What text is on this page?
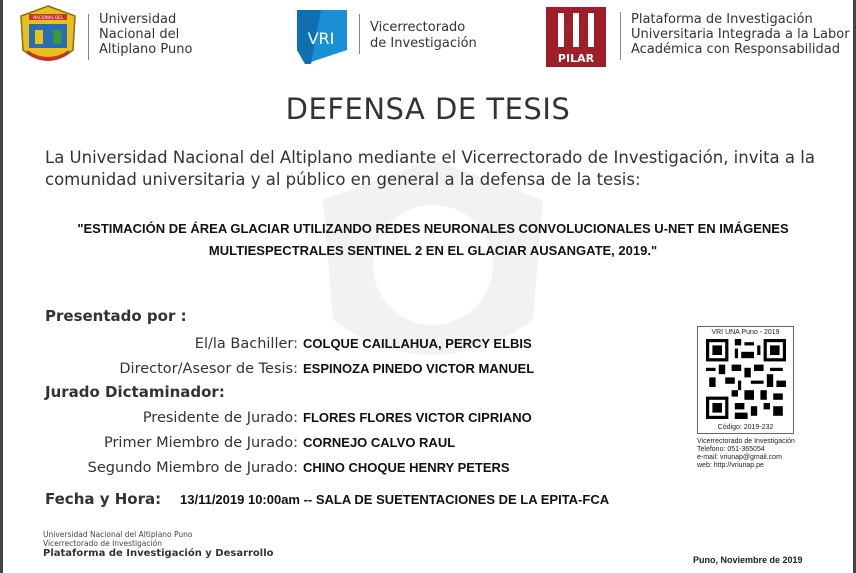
NACIONAL DEL	Universidad
Nacional del
Altiplano Puno
VRI
Vicerrectorado
de Investigación
PILAR
Plataforma de Investigación
Universitaria Integrada a la Labor
Académica con Responsabilidad
DEFENSA DE TESIS
La Universidad Nacional del Altiplano mediante el Vicerrectorado de Investigación, invita a la comunidad universitaria y al público en general a la defensa de la tesis:
"ESTIMACIÓN DE ÁREA GLACIAR UTILIZANDO REDES NEURONALES CONVOLUCIONALES U-NET EN IMÁGENES MULTIESPECTRALES SENTINEL 2 EN EL GLACIAR AUSANGATE, 2019."
Presentado por :
El/la Bachiller: COLQUE CAILLAHUA, PERCY ELBIS
Director/Asesor de Tesis: ESPINOZA PINEDO VICTOR MANUEL
Jurado Dictaminador:
Presidente de Jurado: FLORES FLORES VICTOR CIPRIANO
Primer Miembro de Jurado: CORNEJO CALVO RAUL
Segundo Miembro de Jurado: CHINO CHOQUE HENRY PETERS
Fecha y Hora:	13/11/2019 10:00am -- SALA DE SUETENTACIONES DE LA EPITA-FCA
VRI UNA Puno - 2019
Código: 2019-232
Vicerrectorado de Investigación
Telefono: 051-365054
e-mail: vriunap@gmail.com
web: http://vriunap.pe
Universidad Nacional del Altiplano Puno
Vicerrectorado de Investigación
Plataforma de Investigación y Desarrollo
Puno, Noviembre de 2019
